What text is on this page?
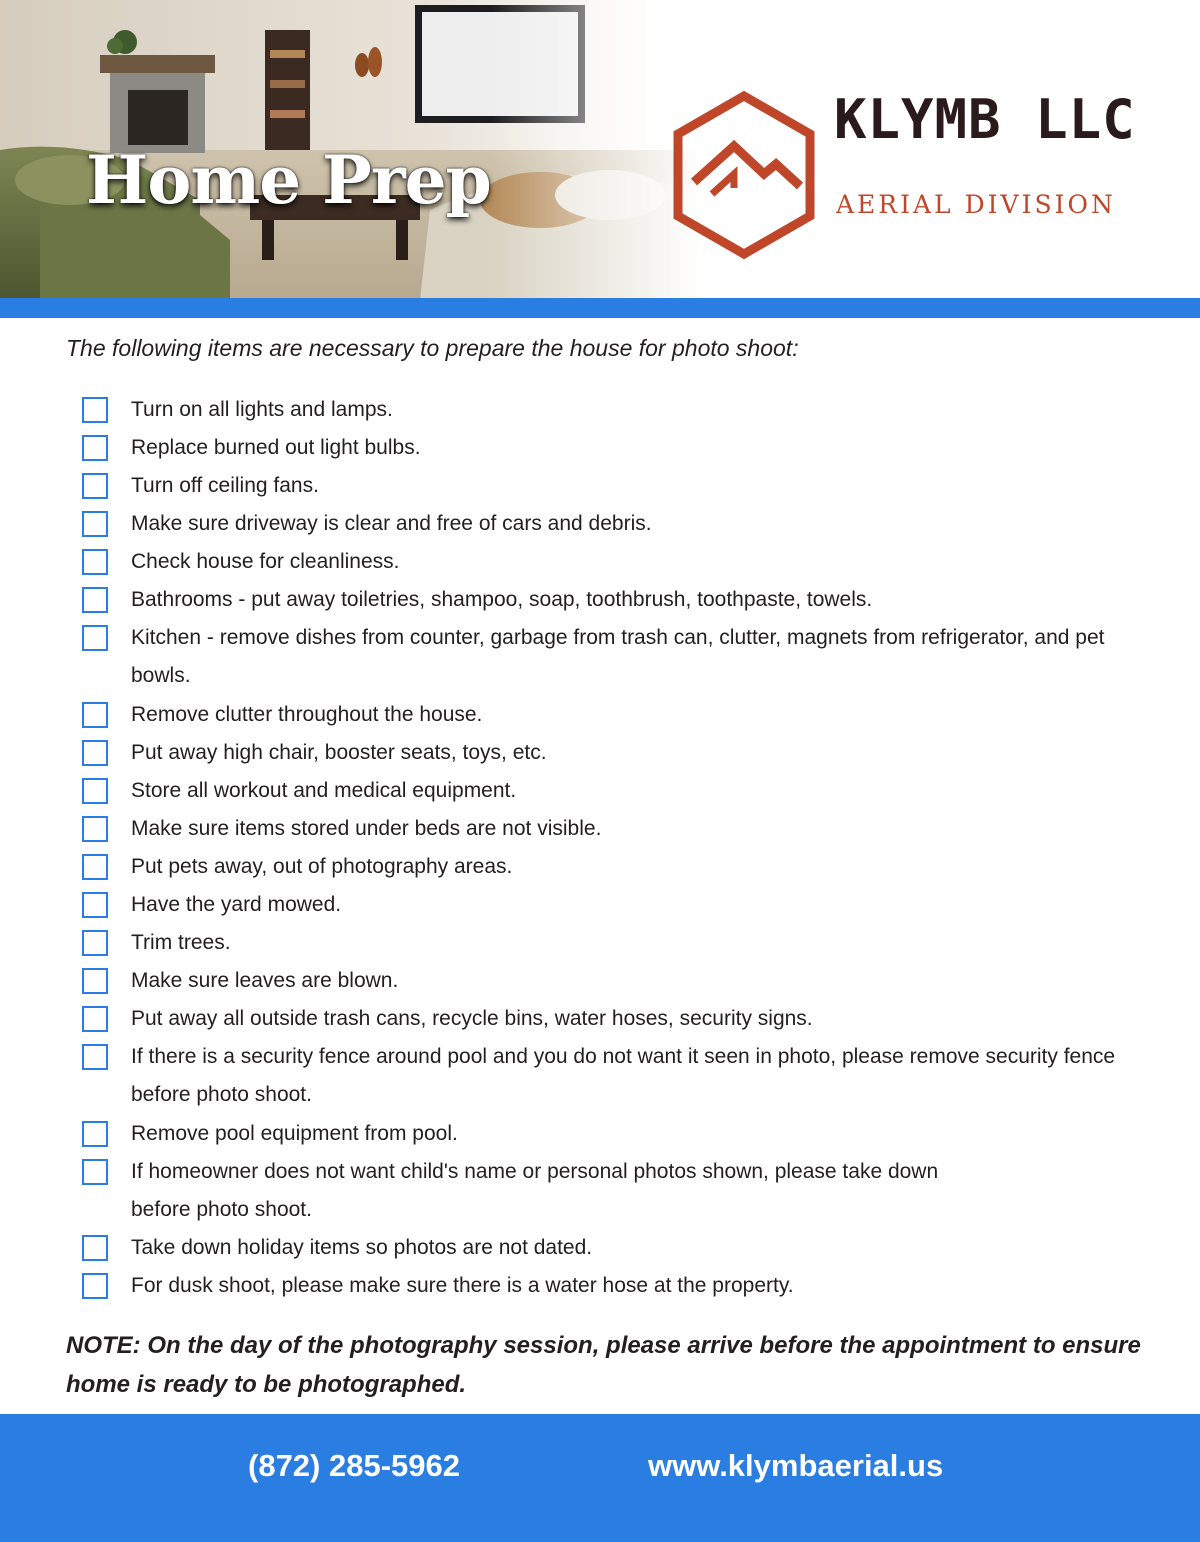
Home Prep
KLYMB LLC
AERIAL DIVISION

The following items are necessary to prepare the house for photo shoot:

Turn on all lights and lamps.
Replace burned out light bulbs.
Turn off ceiling fans.
Make sure driveway is clear and free of cars and debris.
Check house for cleanliness.
Bathrooms - put away toiletries, shampoo, soap, toothbrush, toothpaste, towels.
Kitchen - remove dishes from counter, garbage from trash can, clutter, magnets from refrigerator, and pet bowls.
Remove clutter throughout the house.
Put away high chair, booster seats, toys, etc.
Store all workout and medical equipment.
Make sure items stored under beds are not visible.
Put pets away, out of photography areas.
Have the yard mowed.
Trim trees.
Make sure leaves are blown.
Put away all outside trash cans, recycle bins, water hoses, security signs.
If there is a security fence around pool and you do not want it seen in photo, please remove security fence before photo shoot.
Remove pool equipment from pool.
If homeowner does not want child's name or personal photos shown, please take down before photo shoot.
Take down holiday items so photos are not dated.
For dusk shoot, please make sure there is a water hose at the property.

NOTE: On the day of the photography session, please arrive before the appointment to ensure home is ready to be photographed.

(872) 285-5962	www.klymbaerial.us
